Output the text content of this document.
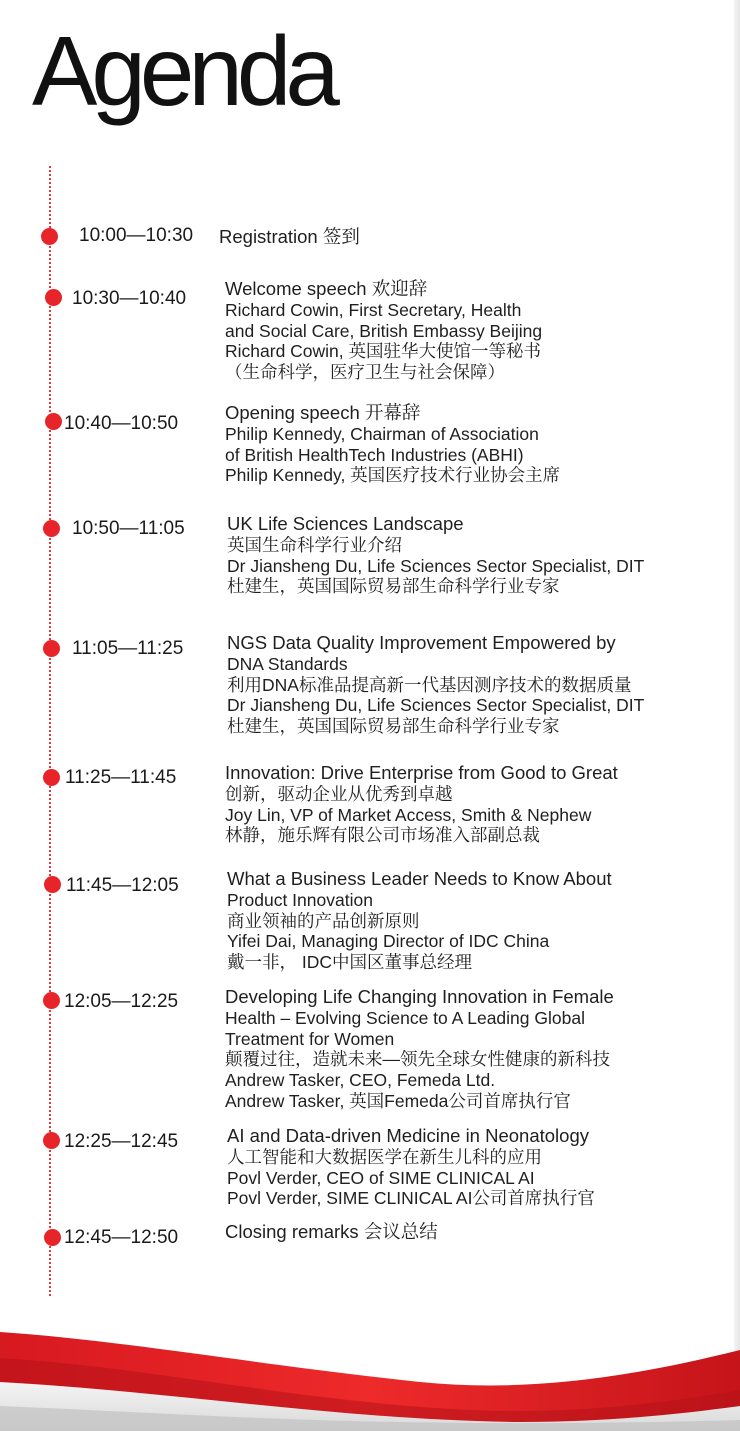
Agenda
10:00—10:30 Registration 签到
10:30—10:40 Welcome speech 欢迎辞
Richard Cowin, First Secretary, Health
and Social Care, British Embassy Beijing
Richard Cowin, 英国驻华大使馆一等秘书
（生命科学，医疗卫生与社会保障）
10:40—10:50
Opening speech 开幕辞
Philip Kennedy, Chairman of Association
of British HealthTech Industries (ABHI)
Philip Kennedy, 英国医疗技术行业协会主席
10:50—11:05 UK Life Sciences Landscape
英国生命科学行业介绍
Dr Jiansheng Du, Life Sciences Sector Specialist, DIT
杜建生，英国国际贸易部生命科学行业专家
11:05—11:25 NGS Data Quality Improvement Empowered by
DNA Standards
利用DNA标准品提高新一代基因测序技术的数据质量
Dr Jiansheng Du, Life Sciences Sector Specialist, DIT
杜建生，英国国际贸易部生命科学行业专家
11:25—11:45	Innovation: Drive Enterprise from Good to Great
创新，驱动企业从优秀到卓越
Joy Lin, VP of Market Access, Smith & Nephew
林静，施乐辉有限公司市场准入部副总裁
11:45—12:05	What a Business Leader Needs to Know About
Product Innovation
商业领袖的产品创新原则
Yifei Dai, Managing Director of IDC China
戴一非， IDC中国区董事总经理
12:05—12:25	Developing Life Changing Innovation in Female
Health – Evolving Science to A Leading Global
Treatment for Women
颠覆过往，造就未来—领先全球女性健康的新科技
Andrew Tasker, CEO, Femeda Ltd.
Andrew Tasker, 英国Femeda公司首席执行官
12:25—12:45	AI and Data-driven Medicine in Neonatology
人工智能和大数据医学在新生儿科的应用
Povl Verder, CEO of SIME CLINICAL AI
Povl Verder, SIME CLINICAL AI公司首席执行官
12:45—12:50	Closing remarks 会议总结
